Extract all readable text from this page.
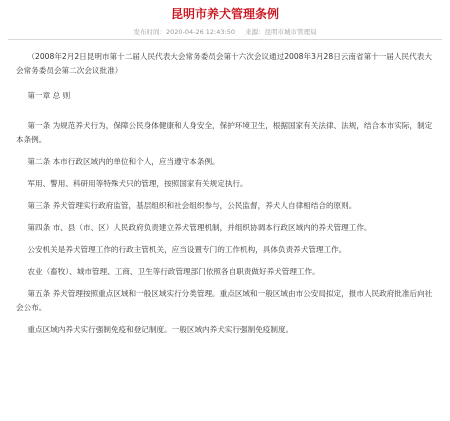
昆明市养犬管理条例
发布时间：2020-04-26 12:43:50 来源：昆明市城市管理局

（2008年2月2日昆明市第十二届人民代表大会常务委员会第十六次会议通过2008年3月28日云南省第十一届人民代表大会常务委员会第二次会议批准）

第一章 总 则

第一条 为规范养犬行为，保障公民身体健康和人身安全，保护环境卫生，根据国家有关法律、法规，结合本市实际，制定本条例。

第二条 本市行政区域内的单位和个人，应当遵守本条例。

军用、警用、科研用等特殊犬只的管理，按照国家有关规定执行。

第三条 养犬管理实行政府监管，基层组织和社会组织参与，公民监督，养犬人自律相结合的原则。

第四条 市、县（市、区）人民政府负责建立养犬管理机制，并组织协调本行政区域内的养犬管理工作。

公安机关是养犬管理工作的行政主管机关，应当设置专门的工作机构，具体负责养犬管理工作。

农业（畜牧）、城市管理、工商、卫生等行政管理部门依照各自职责做好养犬管理工作。

第五条 养犬管理按照重点区域和一般区域实行分类管理。重点区域和一般区域由市公安局拟定，报市人民政府批准后向社会公布。

重点区域内养犬实行强制免疫和登记制度。一般区域内养犬实行强制免疫制度。
